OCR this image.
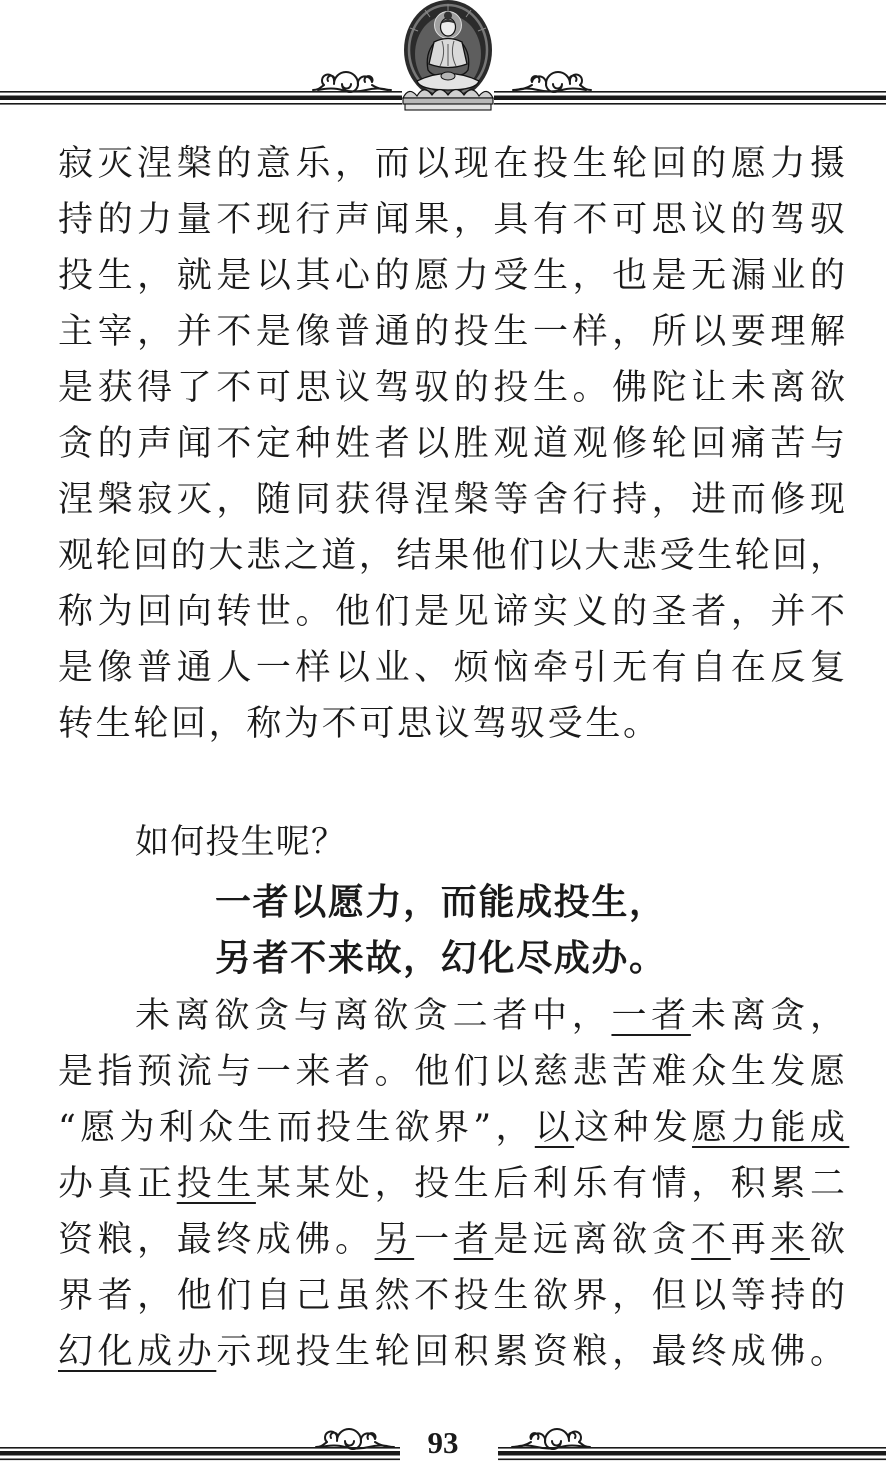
寂灭涅槃的意乐，而以现在投生轮回的愿力摄
持的力量不现行声闻果，具有不可思议的驾驭
投生，就是以其心的愿力受生，也是无漏业的
主宰，并不是像普通的投生一样，所以要理解
是获得了不可思议驾驭的投生。佛陀让未离欲
贪的声闻不定种姓者以胜观道观修轮回痛苦与
涅槃寂灭，随同获得涅槃等舍行持，进而修现
观轮回的大悲之道，结果他们以大悲受生轮回，
称为回向转世。他们是见谛实义的圣者，并不
是像普通人一样以业、烦恼牵引无有自在反复
转生轮回，称为不可思议驾驭受生。
如何投生呢？
一者以愿力，而能成投生，
另者不来故，幻化尽成办。
未离欲贪与离欲贪二者中，一者未离贪，
是指预流与一来者。他们以慈悲苦难众生发愿
“愿为利众生而投生欲界”，以这种发愿力能成
办真正投生某某处，投生后利乐有情，积累二
资粮，最终成佛。另一者是远离欲贪不再来欲
界者，他们自己虽然不投生欲界，但以等持的
幻化成办示现投生轮回积累资粮，最终成佛。
93
